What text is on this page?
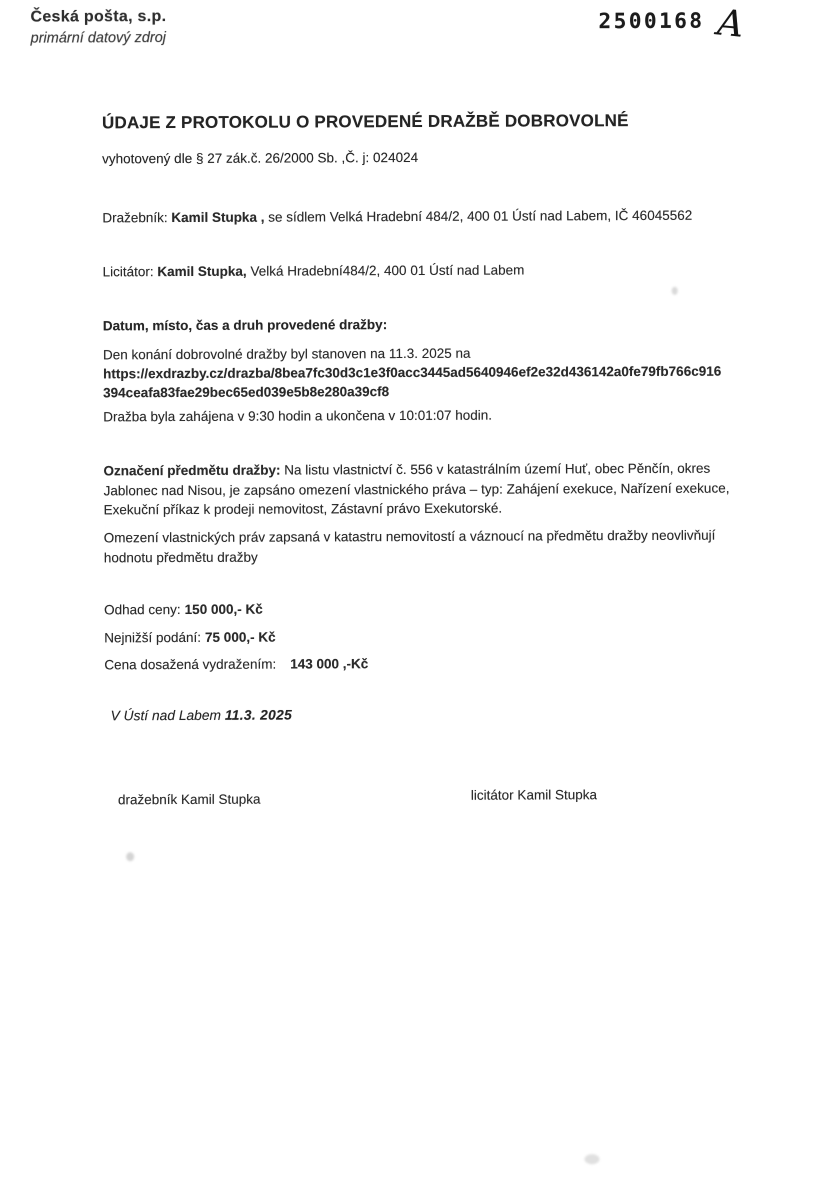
Česká pošta, s.p.
primární datový zdroj
2500168 A
ÚDAJE Z PROTOKOLU O PROVEDENÉ DRAŽBĚ DOBROVOLNÉ
vyhotovený dle § 27 zák.č. 26/2000 Sb. ,Č. j: 024024

Dražebník: Kamil Stupka , se sídlem Velká Hradební 484/2, 400 01 Ústí nad Labem, IČ 46045562

Licitátor: Kamil Stupka, Velká Hradební484/2, 400 01 Ústí nad Labem

Datum, místo, čas a druh provedené dražby:

Den konání dobrovolné dražby byl stanoven na 11.3. 2025 na https://exdrazby.cz/drazba/8bea7fc30d3c1e3f0acc3445ad5640946ef2e32d436142a0fe79fb766c916394ceafa83fae29bec65ed039e5b8e280a39cf8

Dražba byla zahájena v 9:30 hodin a ukončena v 10:01:07 hodin.

Označení předmětu dražby: Na listu vlastnictví č. 556 v katastrálním území Huť, obec Pěnčín, okres Jablonec nad Nisou, je zapsáno omezení vlastnického práva – typ: Zahájení exekuce, Nařízení exekuce, Exekuční příkaz k prodeji nemovitost, Zástavní právo Exekutorské.

Omezení vlastnických práv zapsaná v katastru nemovitostí a váznoucí na předmětu dražby neovlivňují hodnotu předmětu dražby

Odhad ceny: 150 000,- Kč

Nejnižší podání: 75 000,- Kč

Cena dosažená vydražením: 143 000 ,-Kč

V Ústí nad Labem 11.3. 2025

dražebník Kamil Stupka	licitátor Kamil Stupka
